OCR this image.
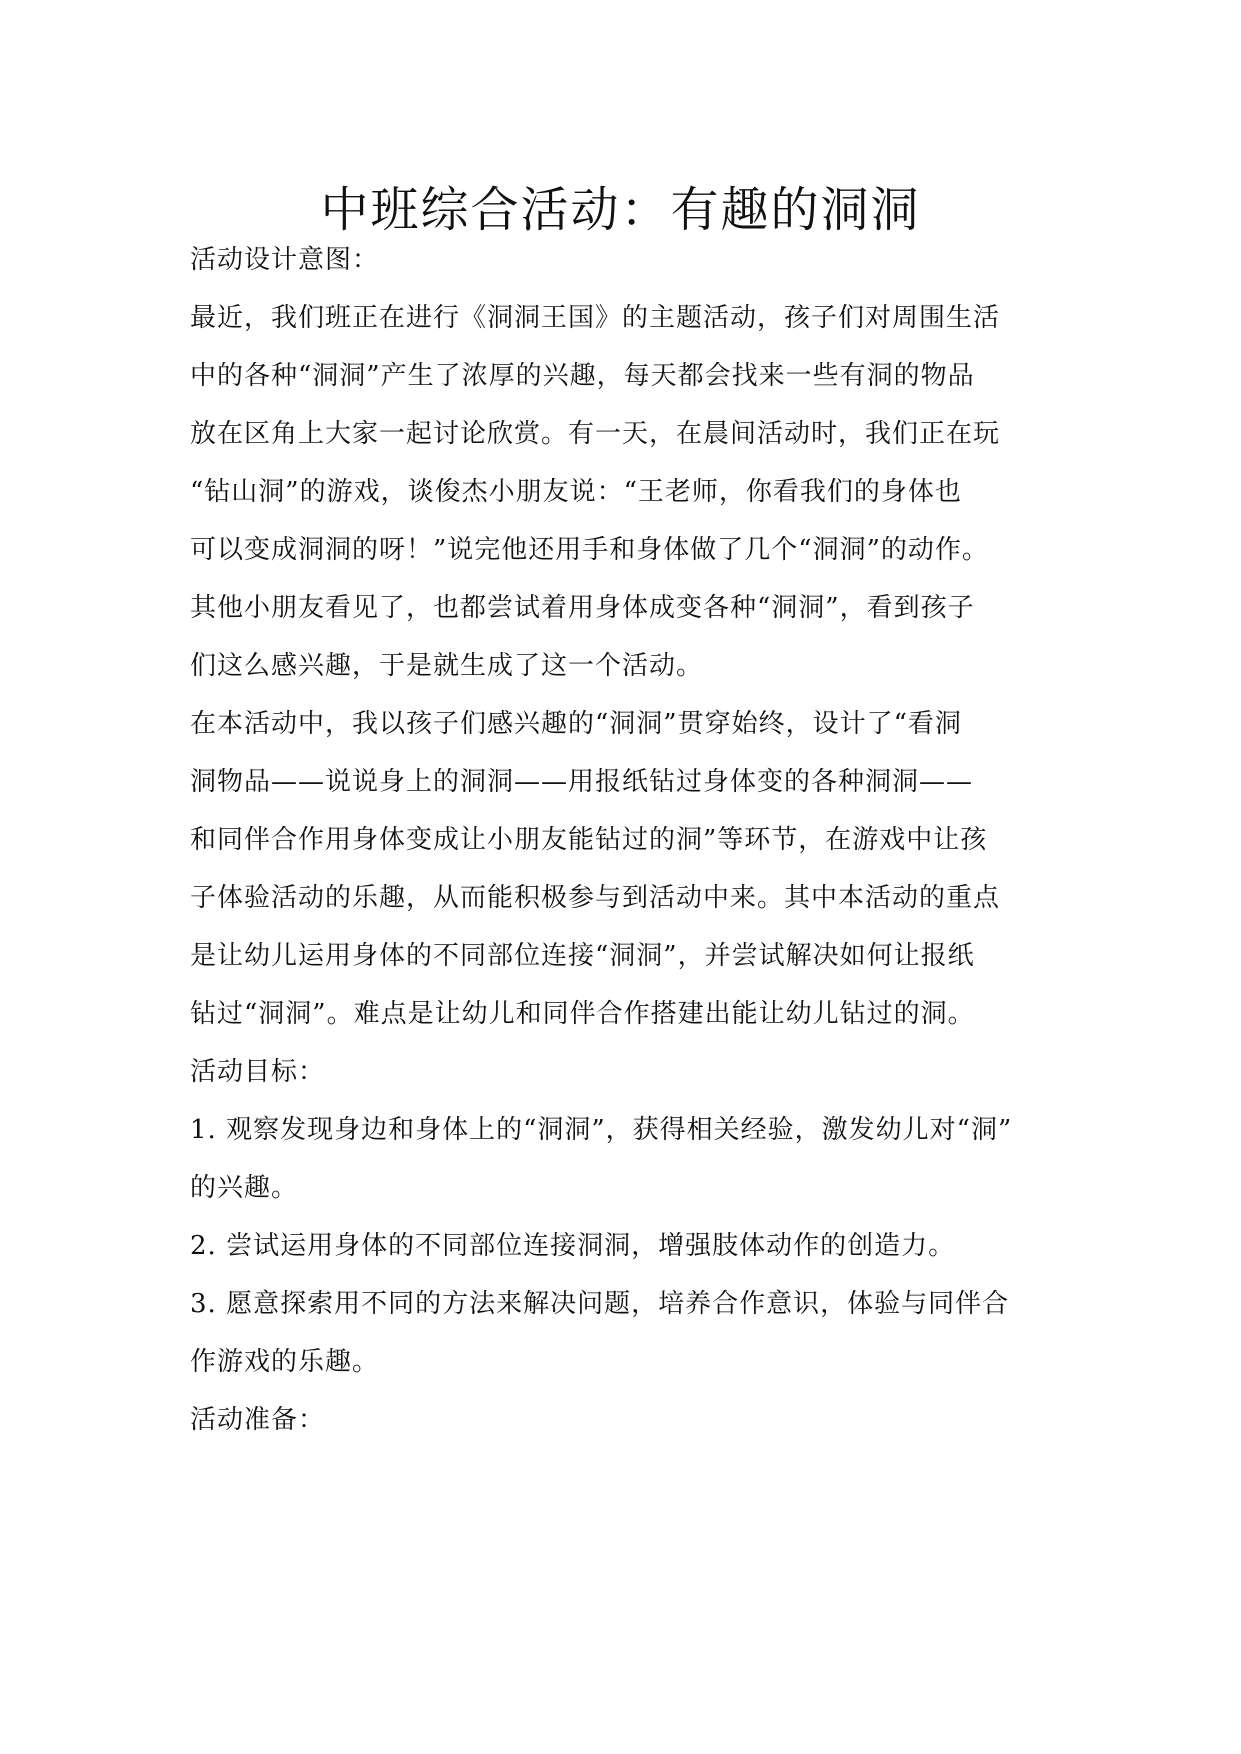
中班综合活动：有趣的洞洞

活动设计意图：

最近，我们班正在进行《洞洞王国》的主题活动，孩子们对周围生活

中的各种“洞洞”产生了浓厚的兴趣，每天都会找来一些有洞的物品

放在区角上大家一起讨论欣赏。有一天，在晨间活动时，我们正在玩

“钻山洞”的游戏，谈俊杰小朋友说：“王老师，你看我们的身体也

可以变成洞洞的呀！”说完他还用手和身体做了几个“洞洞”的动作。

其他小朋友看见了，也都尝试着用身体成变各种“洞洞”，看到孩子

们这么感兴趣，于是就生成了这一个活动。

在本活动中，我以孩子们感兴趣的“洞洞”贯穿始终，设计了“看洞

洞物品——说说身上的洞洞——用报纸钻过身体变的各种洞洞——

和同伴合作用身体变成让小朋友能钻过的洞”等环节，在游戏中让孩

子体验活动的乐趣，从而能积极参与到活动中来。其中本活动的重点

是让幼儿运用身体的不同部位连接“洞洞”，并尝试解决如何让报纸

钻过“洞洞”。难点是让幼儿和同伴合作搭建出能让幼儿钻过的洞。

活动目标：

1. 观察发现身边和身体上的“洞洞”，获得相关经验，激发幼儿对“洞”

的兴趣。

2. 尝试运用身体的不同部位连接洞洞，增强肢体动作的创造力。

3. 愿意探索用不同的方法来解决问题，培养合作意识，体验与同伴合

作游戏的乐趣。

活动准备：
